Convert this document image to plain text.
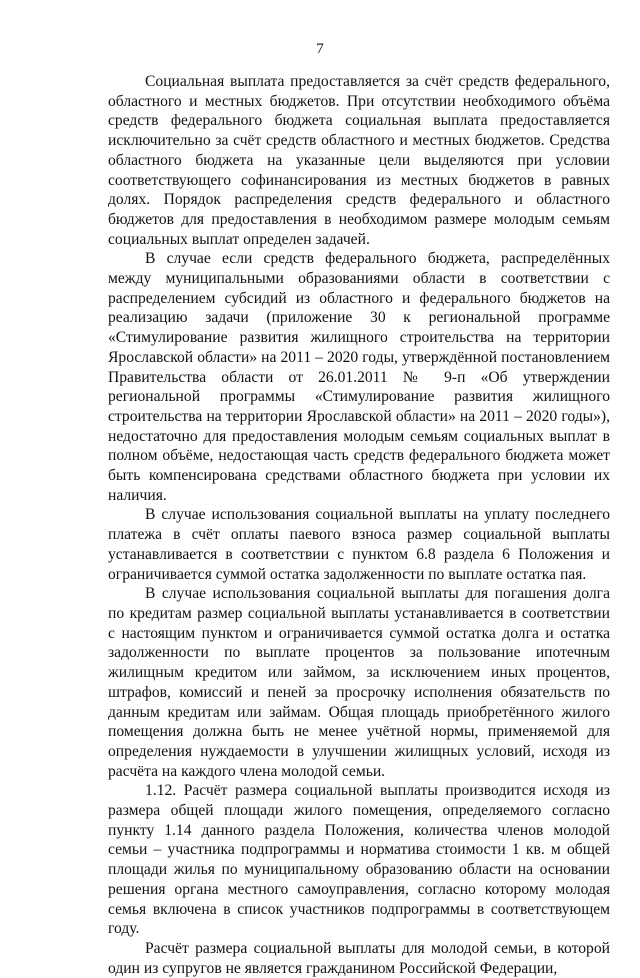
7

Социальная выплата предоставляется за счёт средств федерального, областного и местных бюджетов. При отсутствии необходимого объёма средств федерального бюджета социальная выплата предоставляется исключительно за счёт средств областного и местных бюджетов. Средства областного бюджета на указанные цели выделяются при условии соответствующего софинансирования из местных бюджетов в равных долях. Порядок распределения средств федерального и областного бюджетов для предоставления в необходимом размере молодым семьям социальных выплат определен задачей.

В случае если средств федерального бюджета, распределённых между муниципальными образованиями области в соответствии с распределением субсидий из областного и федерального бюджетов на реализацию задачи (приложение 30 к региональной программе «Стимулирование развития жилищного строительства на территории Ярославской области» на 2011 – 2020 годы, утверждённой постановлением Правительства области от 26.01.2011 № 9-п «Об утверждении региональной программы «Стимулирование развития жилищного строительства на территории Ярославской области» на 2011 – 2020 годы»), недостаточно для предоставления молодым семьям социальных выплат в полном объёме, недостающая часть средств федерального бюджета может быть компенсирована средствами областного бюджета при условии их наличия.

В случае использования социальной выплаты на уплату последнего платежа в счёт оплаты паевого взноса размер социальной выплаты устанавливается в соответствии с пунктом 6.8 раздела 6 Положения и ограничивается суммой остатка задолженности по выплате остатка пая.

В случае использования социальной выплаты для погашения долга по кредитам размер социальной выплаты устанавливается в соответствии с настоящим пунктом и ограничивается суммой остатка долга и остатка задолженности по выплате процентов за пользование ипотечным жилищным кредитом или займом, за исключением иных процентов, штрафов, комиссий и пеней за просрочку исполнения обязательств по данным кредитам или займам. Общая площадь приобретённого жилого помещения должна быть не менее учётной нормы, применяемой для определения нуждаемости в улучшении жилищных условий, исходя из расчёта на каждого члена молодой семьи.

1.12. Расчёт размера социальной выплаты производится исходя из размера общей площади жилого помещения, определяемого согласно пункту 1.14 данного раздела Положения, количества членов молодой семьи – участника подпрограммы и норматива стоимости 1 кв. м общей площади жилья по муниципальному образованию области на основании решения органа местного самоуправления, согласно которому молодая семья включена в список участников подпрограммы в соответствующем году.

Расчёт размера социальной выплаты для молодой семьи, в которой один из супругов не является гражданином Российской Федерации,
